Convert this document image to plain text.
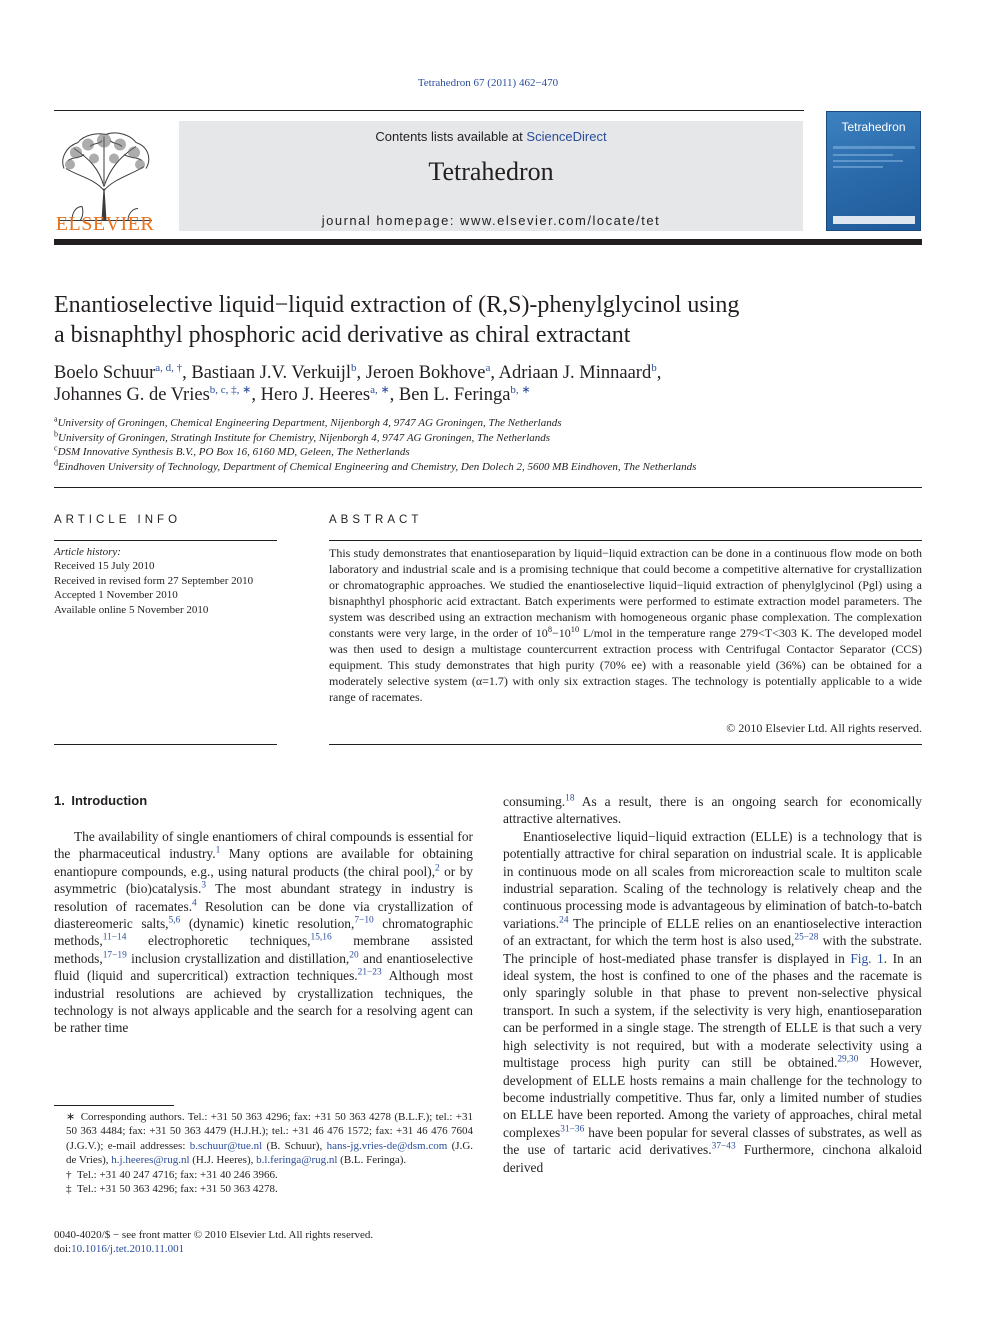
Tetrahedron 67 (2011) 462−470
ELSEVIER
Contents lists available at ScienceDirect
Tetrahedron
journal homepage: www.elsevier.com/locate/tet
Tetrahedron
Enantioselective liquid−liquid extraction of (R,S)-phenylglycinol using
a bisnaphthyl phosphoric acid derivative as chiral extractant
Boelo Schuur$^{a, d, \dagger}$, Bastiaan J.V. Verkuijl$^b$, Jeroen Bokhove$^a$, Adriaan J. Minnaard$^b$,
Johannes G. de Vries$^{b, c, \ddagger, ∗}$, Hero J. Heeres$^{a, ∗}$, Ben L. Feringa$^{b, ∗}$
$^a$University of Groningen, Chemical Engineering Department, Nijenborgh 4, 9747 AG Groningen, The Netherlands
$^b$University of Groningen, Stratingh Institute for Chemistry, Nijenborgh 4, 9747 AG Groningen, The Netherlands
$^c$DSM Innovative Synthesis B.V., PO Box 16, 6160 MD, Geleen, The Netherlands
$^d$Eindhoven University of Technology, Department of Chemical Engineering and Chemistry, Den Dolech 2, 5600 MB Eindhoven, The Netherlands
ARTICLE INFO	ABSTRACT
Article history:
Received 15 July 2010
Received in revised form 27 September 2010
Accepted 1 November 2010
Available online 5 November 2010
This study demonstrates that enantioseparation by liquid−liquid extraction can be done in a continuous flow mode on both laboratory and industrial scale and is a promising technique that could become a competitive alternative for crystallization or chromatographic approaches. We studied the enantioselective liquid−liquid extraction of phenylglycinol (Pgl) using a bisnaphthyl phosphoric acid extractant. Batch experiments were performed to estimate extraction model parameters. The system was described using an extraction mechanism with homogeneous organic phase complexation. The complexation constants were very large, in the order of $10^8-10^{10}$ L/mol in the temperature range 279<T<303 K. The developed model was then used to design a multistage countercurrent extraction process with Centrifugal Contactor Separator (CCS) equipment. This study demonstrates that high purity (70% ee) with a reasonable yield (36%) can be obtained for a moderately selective system (α=1.7) with only six extraction stages. The technology is potentially applicable to a wide range of racemates.
© 2010 Elsevier Ltd. All rights reserved.
1. Introduction

The availability of single enantiomers of chiral compounds is essential for the pharmaceutical industry.$^1$ Many options are available for obtaining enantiopure compounds, e.g., using natural products (the chiral pool),$^2$ or by asymmetric (bio)catalysis.$^3$ The most abundant strategy in industry is resolution of racemates.$^4$ Resolution can be done via crystallization of diastereomeric salts,$^{5,6}$ (dynamic) kinetic resolution,$^{7-10}$ chromatographic methods,$^{11-14}$ electrophoretic techniques,$^{15,16}$ membrane assisted methods,$^{17-19}$ inclusion crystallization and distillation,$^{20}$ and enantioselective fluid (liquid and supercritical) extraction techniques.$^{21-23}$ Although most industrial resolutions are achieved by crystallization techniques, the technology is not always applicable and the search for a resolving agent can be rather time

consuming.$^{18}$ As a result, there is an ongoing search for economically attractive alternatives.

Enantioselective liquid−liquid extraction (ELLE) is a technology that is potentially attractive for chiral separation on industrial scale. It is applicable in continuous mode on all scales from microreaction scale to multiton scale industrial separation. Scaling of the technology is relatively cheap and the continuous processing mode is advantageous by elimination of batch-to-batch variations.$^{24}$ The principle of ELLE relies on an enantioselective interaction of an extractant, for which the term host is also used,$^{25-28}$ with the substrate. The principle of host-mediated phase transfer is displayed in Fig. 1. In an ideal system, the host is confined to one of the phases and the racemate is only sparingly soluble in that phase to prevent non-selective physical transport. In such a system, if the selectivity is very high, enantioseparation can be performed in a single stage. The strength of ELLE is that such a very high selectivity is not required, but with a moderate selectivity using a multistage process high purity can still be obtained.$^{29,30}$ However, development of ELLE hosts remains a main challenge for the technology to become industrially competitive. Thus far, only a limited number of studies on ELLE have been reported. Among the variety of approaches, chiral metal complexes$^{31-36}$ have been popular for several classes of substrates, as well as the use of tartaric acid derivatives.$^{37-43}$ Furthermore, cinchona alkaloid derived

∗ Corresponding authors. Tel.: +31 50 363 4296; fax: +31 50 363 4278 (B.L.F.); tel.: +31 50 363 4484; fax: +31 50 363 4479 (H.J.H.); tel.: +31 46 476 1572; fax: +31 46 476 7604 (J.G.V.); e-mail addresses: b.schuur@tue.nl (B. Schuur), hans-jg.vries-de@dsm.com (J.G. de Vries), h.j.heeres@rug.nl (H.J. Heeres), b.l.feringa@rug.nl (B.L. Feringa).
† Tel.: +31 40 247 4716; fax: +31 40 246 3966.
‡ Tel.: +31 50 363 4296; fax: +31 50 363 4278.
0040-4020/$ − see front matter © 2010 Elsevier Ltd. All rights reserved.
doi:10.1016/j.tet.2010.11.001
